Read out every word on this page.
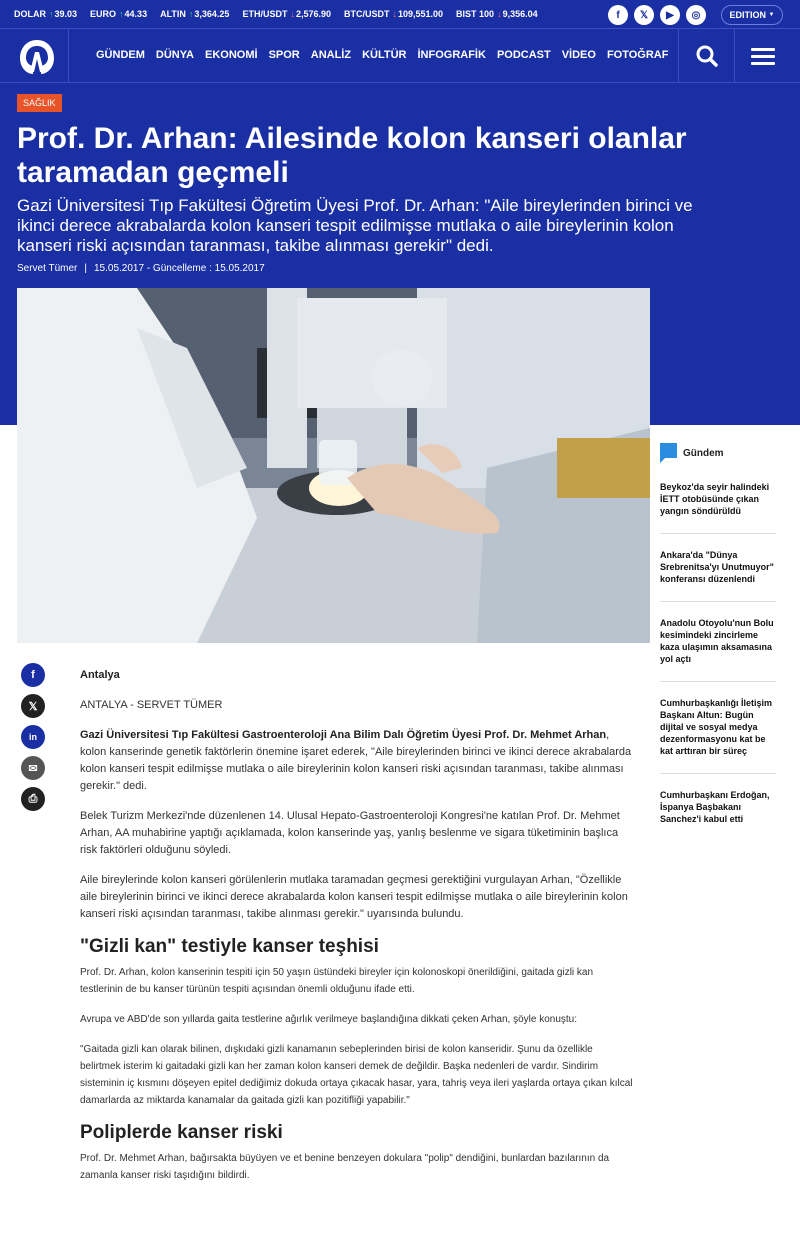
DOLAR ↑39.03 EURO ↑44.33 ALTIN ↑3,364.25 ETH/USDT ↓2,576.90 BTC/USDT ↓109,551.00 BIST 100 ↓9,356.04	f	𝕏	▶	◎	EDITION
▼
GÜNDEM DÜNYA EKONOMİ SPOR ANALİZ KÜLTÜR İNFOGRAFİK PODCAST VİDEO FOTOĞRAF
SAĞLIK
Prof. Dr. Arhan: Ailesinde kolon kanseri olanlar taramadan geçmeli
Gazi Üniversitesi Tıp Fakültesi Öğretim Üyesi Prof. Dr. Arhan: "Aile bireylerinden birinci ve ikinci derece akrabalarda kolon kanseri tespit edilmişse mutlaka o aile bireylerinin kolon kanseri riski açısından taranması, takibe alınması gerekir" dedi.
Servet Tümer | 15.05.2017 - Güncelleme : 15.05.2017
Gündem
Beykoz'da seyir halindeki İETT otobüsünde çıkan yangın söndürüldü
Ankara'da "Dünya Srebrenitsa'yı Unutmuyor" konferansı düzenlendi
Anadolu Otoyolu'nun Bolu kesimindeki zincirleme kaza ulaşımın aksamasına yol açtı
Cumhurbaşkanlığı İletişim Başkanı Altun: Bugün dijital ve sosyal medya dezenformasyonu kat be kat arttıran bir süreç
Cumhurbaşkanı Erdoğan, İspanya Başbakanı Sanchez'i kabul etti
f
𝕏
in
✉
⎙
Antalya
ANTALYA - SERVET TÜMER
Gazi Üniversitesi Tıp Fakültesi Gastroenteroloji Ana Bilim Dalı Öğretim Üyesi Prof. Dr. Mehmet Arhan, kolon kanserinde genetik faktörlerin önemine işaret ederek, "Aile bireylerinden birinci ve ikinci derece akrabalarda kolon kanseri tespit edilmişse mutlaka o aile bireylerinin kolon kanseri riski açısından taranması, takibe alınması gerekir." dedi.
Belek Turizm Merkezi'nde düzenlenen 14. Ulusal Hepato-Gastroenteroloji Kongresi'ne katılan Prof. Dr. Mehmet Arhan, AA muhabirine yaptığı açıklamada, kolon kanserinde yaş, yanlış beslenme ve sigara tüketiminin başlıca risk faktörleri olduğunu söyledi.
Aile bireylerinde kolon kanseri görülenlerin mutlaka taramadan geçmesi gerektiğini vurgulayan Arhan, "Özellikle aile bireylerinin birinci ve ikinci derece akrabalarda kolon kanseri tespit edilmişse mutlaka o aile bireylerinin kolon kanseri riski açısından taranması, takibe alınması gerekir." uyarısında bulundu.
"Gizli kan" testiyle kanser teşhisi
Prof. Dr. Arhan, kolon kanserinin tespiti için 50 yaşın üstündeki bireyler için kolonoskopi önerildiğini, gaitada gizli kan testlerinin de bu kanser türünün tespiti açısından önemli olduğunu ifade etti.
Avrupa ve ABD'de son yıllarda gaita testlerine ağırlık verilmeye başlandığına dikkati çeken Arhan, şöyle konuştu:
"Gaitada gizli kan olarak bilinen, dışkıdaki gizli kanamanın sebeplerinden birisi de kolon kanseridir. Şunu da özellikle belirtmek isterim ki gaitadaki gizli kan her zaman kolon kanseri demek de değildir. Başka nedenleri de vardır. Sindirim sisteminin iç kısmını döşeyen epitel dediğimiz dokuda ortaya çıkacak hasar, yara, tahriş veya ileri yaşlarda ortaya çıkan kılcal damarlarda az miktarda kanamalar da gaitada gizli kan pozitifliği yapabilir."
Poliplerde kanser riski
Prof. Dr. Mehmet Arhan, bağırsakta büyüyen ve et benine benzeyen dokulara "polip" dendiğini, bunlardan bazılarının da zamanla kanser riski taşıdığını bildirdi.
